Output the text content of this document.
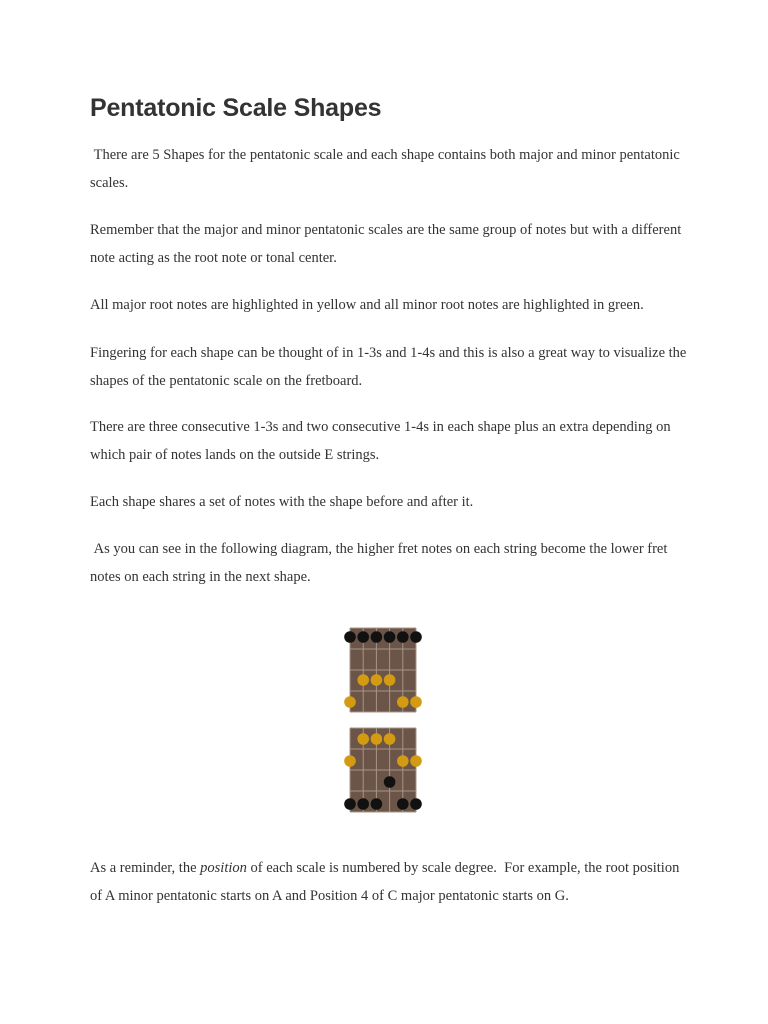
Pentatonic Scale Shapes

There are 5 Shapes for the pentatonic scale and each shape contains both major and minor pentatonic scales.

Remember that the major and minor pentatonic scales are the same group of notes but with a different note acting as the root note or tonal center.

All major root notes are highlighted in yellow and all minor root notes are highlighted in green.

Fingering for each shape can be thought of in 1-3s and 1-4s and this is also a great way to visualize the shapes of the pentatonic scale on the fretboard.

There are three consecutive 1-3s and two consecutive 1-4s in each shape plus an extra depending on which pair of notes lands on the outside E strings.

Each shape shares a set of notes with the shape before and after it.

As you can see in the following diagram, the higher fret notes on each string become the lower fret notes on each string in the next shape.

As a reminder, the position of each scale is numbered by scale degree.  For example, the root position of A minor pentatonic starts on A and Position 4 of C major pentatonic starts on G.
